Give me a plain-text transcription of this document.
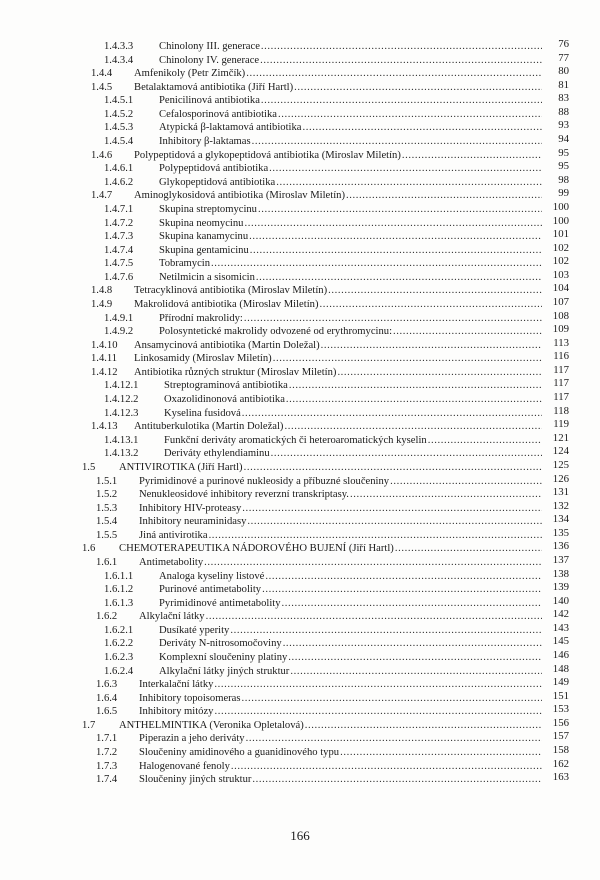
1.4.3.3 Chinolony III. generace .....	76
1.4.3.4 Chinolony IV. generace .....	77
1.4.4 Amfenikoly (Petr Zimčík) .....	80
1.4.5 Betalaktamová antibiotika (Jiří Hartl) .....	81
1.4.5.1 Penicilinová antibiotika .....	83
1.4.5.2 Cefalosporinová antibiotika .....	88
1.4.5.3 Atypická β-laktamová antibiotika .....	93
1.4.5.4 Inhibitory β-laktamas .....	94
1.4.6 Polypeptidová a glykopeptidová antibiotika (Miroslav Miletín) .....	95
1.4.6.1 Polypeptidová antibiotika .....	95
1.4.6.2 Glykopeptidová antibiotika .....	98
1.4.7 Aminoglykosidová antibiotika (Miroslav Miletín) .....	99
1.4.7.1 Skupina streptomycinu .....	100
1.4.7.2 Skupina neomycinu .....	100
1.4.7.3 Skupina kanamycinu .....	101
1.4.7.4 Skupina gentamicinu .....	102
1.4.7.5 Tobramycin .....	102
1.4.7.6 Netilmicin a sisomicin .....	103
1.4.8 Tetracyklinová antibiotika (Miroslav Miletín) .....	104
1.4.9 Makrolidová antibiotika (Miroslav Miletín) .....	107
1.4.9.1 Přírodní makrolidy: .....	108
1.4.9.2 Polosyntetické makrolidy odvozené od erythromycinu: .....	109
1.4.10 Ansamycinová antibiotika (Martin Doležal) .....	113
1.4.11 Linkosamidy (Miroslav Miletín) .....	116
1.4.12 Antibiotika různých struktur (Miroslav Miletín) .....	117
1.4.12.1 Streptograminová antibiotika .....	117
1.4.12.2 Oxazolidinonová antibiotika .....	117
1.4.12.3 Kyselina fusidová .....	118
1.4.13 Antituberkulotika (Martin Doležal) .....	119
1.4.13.1 Funkční deriváty aromatických či heteroaromatických kyselin .....	121
1.4.13.2 Deriváty ethylendiaminu .....	124
1.5 ANTIVIROTIKA (Jiří Hartl) .....	125
1.5.1 Pyrimidinové a purinové nukleosidy a příbuzné sloučeniny .....	126
1.5.2 Nenukleosidové inhibitory reverzní transkriptasy. .....	131
1.5.3 Inhibitory HIV-proteasy .....	132
1.5.4 Inhibitory neuraminidasy .....	134
1.5.5 Jiná antivirotika .....	135
1.6 CHEMOTERAPEUTIKA NÁDOROVÉHO BUJENÍ (Jiří Hartl) .....	136
1.6.1 Antimetabolity .....	137
1.6.1.1 Analoga kyseliny listové .....	138
1.6.1.2 Purinové antimetabolity .....	139
1.6.1.3 Pyrimidinové antimetabolity .....	140
1.6.2 Alkylační látky .....	142
1.6.2.1 Dusíkaté yperity .....	143
1.6.2.2 Deriváty N-nitrosomočoviny .....	145
1.6.2.3 Komplexní sloučeniny platiny .....	146
1.6.2.4 Alkylační látky jiných struktur .....	148
1.6.3 Interkalační látky .....	149
1.6.4 Inhibitory topoisomeras .....	151
1.6.5 Inhibitory mitózy .....	153
1.7 ANTHELMINTIKA (Veronika Opletalová) .....	156
1.7.1 Piperazin a jeho deriváty .....	157
1.7.2 Sloučeniny amidinového a guanidinového typu .....	158
1.7.3 Halogenované fenoly .....	162
1.7.4 Sloučeniny jiných struktur .....	163
166
